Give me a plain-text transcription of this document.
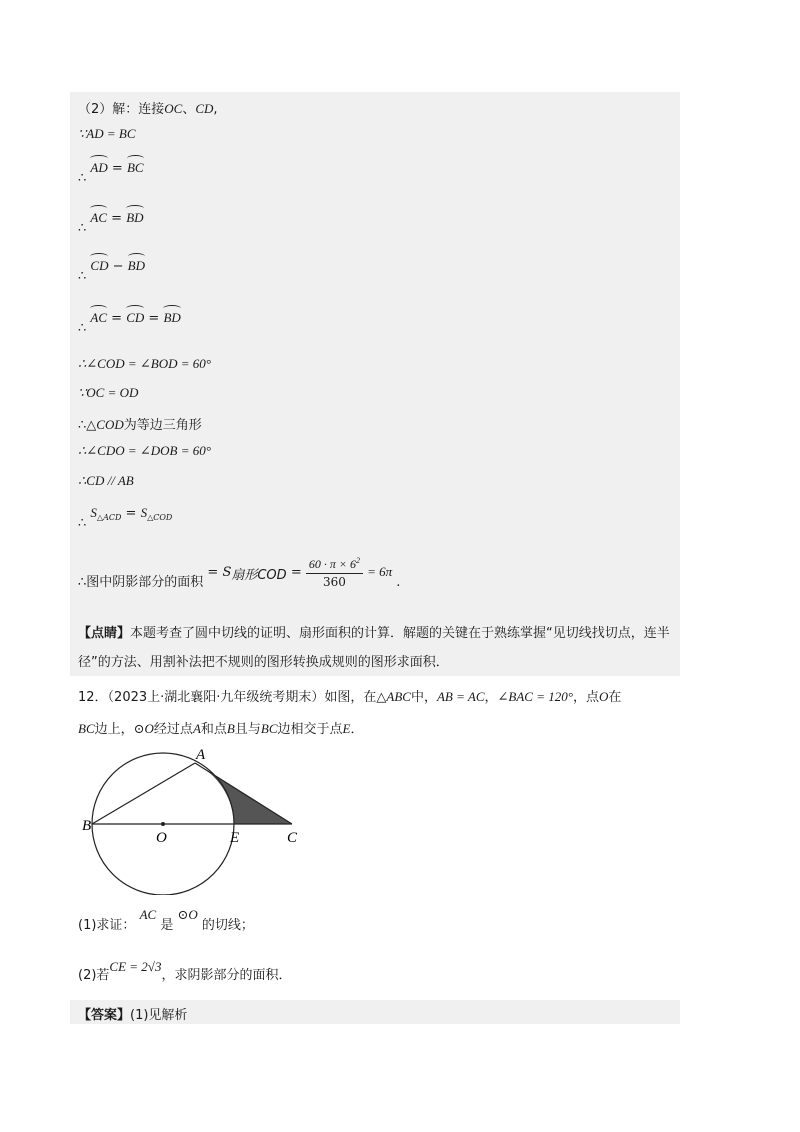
（2）解：连接OC、CD,
∵AD = BC
∴ AD = BC
∴ AC = BD
∴ CD − BD
∴ AC = CD = BD
∴∠COD = ∠BOD = 60°
∵OC = OD
∴△COD为等边三角形
∴∠CDO = ∠DOB = 60°
∴CD // AB
∴ $S_{\triangle ACD} = S_{\triangle COD}$
∴图中阴影部分的面积 = S扇形COD = $\frac{60 \cdot \pi \times 6^2}{360} = 6\pi$ .
【点睛】本题考查了圆中切线的证明、扇形面积的计算．解题的关键在于熟练掌握“见切线找切点，连半径”的方法、用割补法把不规则的图形转换成规则的图形求面积．
12．（2023上·湖北襄阳·九年级统考期末）如图，在△ABC中，AB = AC，∠BAC = 120°，点O在
BC边上，⊙O经过点A和点B且与BC边相交于点E．
A
B
O	E	C
(1)求证： AC 是 ⊙O 的切线；
(2)若CE = 2√3，求阴影部分的面积．
【答案】(1)见解析
